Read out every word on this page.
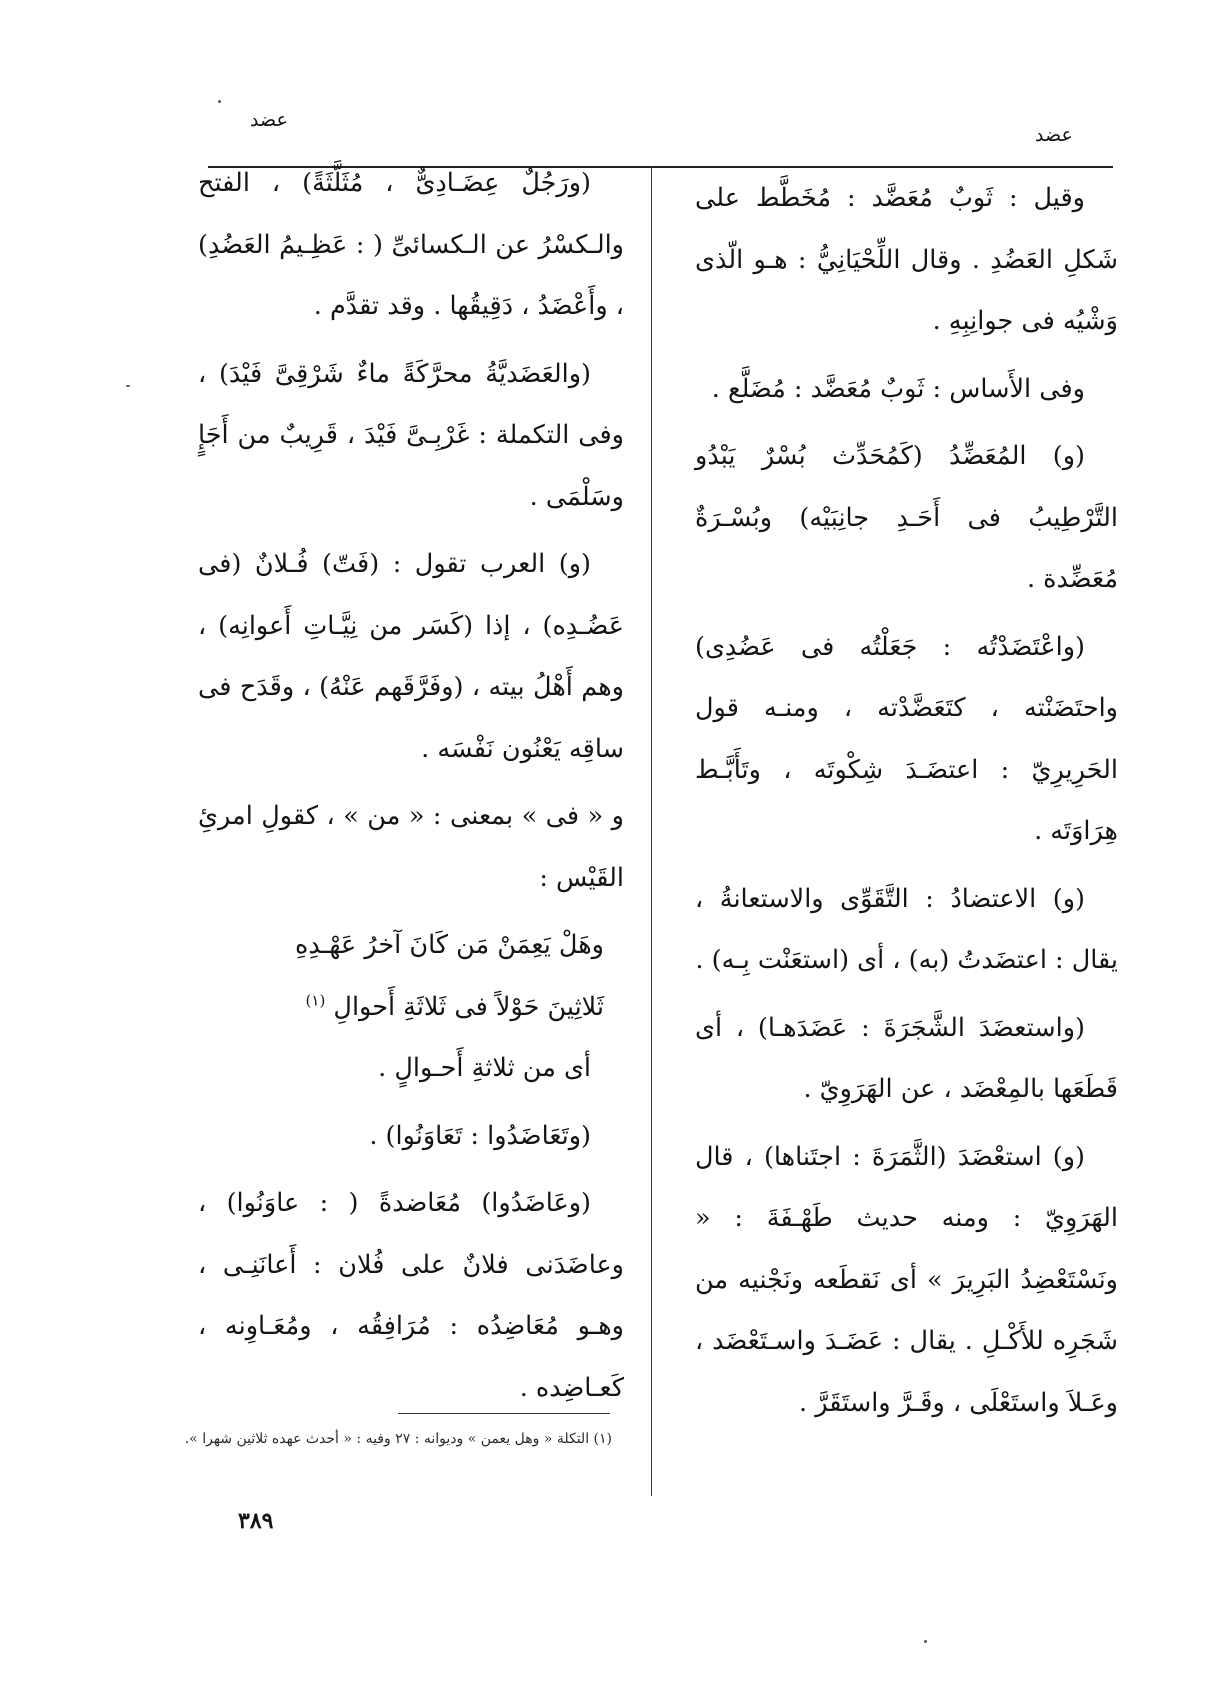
عضد
عضد

وقيل : ثَوبٌ مُعَضَّد : مُخَطَّط على شَكلِ العَضُدِ . وقال اللِّحْيَانِيُّ : هـو الّذى وَشْيُه فى جوانِبِهِ .

وفى الأَساس : ثَوبٌ مُعَضَّد : مُضَلَّع .

(و) المُعَضِّدُ (كَمُحَدِّث بُسْرٌ يَبْدُو التَّرْطِيبُ فى أَحَـدِ جانِبَيْه) وبُسْـرَةٌ مُعَضِّدة .

(واعْتَضَدْتُه : جَعَلْتُه فى عَضُدِى) واحتَضَنْته ، كتَعَضَّدْته ، ومنـه قول الحَرِيرِيّ : اعتضَـدَ شِكْوتَه ، وتَأَبَّـط هِرَاوَتَه .

(و) الاعتضادُ : التَّقَوِّى والاستعانةُ ، يقال : اعتضَدتُ (به) ، أى (استعَنْت بِـه) .

(واستعضَدَ الشَّجَرَةَ : عَضَدَهـا) ، أى قَطَعَها بالمِعْضَد ، عن الهَرَوِيّ .

(و) استعْضَدَ (الثَّمَرَةَ : اجتَناها) ، قال الهَرَوِيّ : ومنه حديث طَهْـفَةَ : « ونَسْتَعْضِدُ البَرِيرَ » أى نَقطَعه ونَجْنيه من شَجَرِه للأَكْـلِ . يقال : عَضَـدَ واسـتَعْضَد ، وعَـلاَ واستَعْلَى ، وقَـرَّ واستَقَرَّ .

(ورَجُلٌ عِضَـادِىٌّ ، مُثَلَّثَةً) ، الفتح والـكسْرُ عن الـكسائىِّ ( : عَظِـيمُ العَضُدِ) ، وأَعْضَدُ ، دَقِيقُها . وقد تقدَّم .

(والعَضَديَّةُ محرَّكَةً ماءٌ شَرْقِىَّ فَيْدَ) ، وفى التكملة : غَرْبِـىَّ فَيْدَ ، قَرِيبٌ من أَجَإٍ وسَلْمَى .

(و) العرب تقول : (فَتّ) فُـلانٌ (فى عَضُـدِه) ، إذا (كَسَر من نِيَّـاتِ أَعوانِه) ، وهم أَهْلُ بيته ، (وفَرَّقَهم عَنْهُ) ، وقَدَح فى ساقِه يَعْنُون نَفْسَه .

و « فى » بمعنى : « من » ، كقولِ امرئِ القَيْس :

وهَلْ يَعِمَنْ مَن كَانَ آخرُ عَهْـدِهِ

ثَلاثِينَ حَوْلاً فى ثَلاثَةِ أَحوالِ $^{(١)}$

أى من ثلاثةِ أَحـوالٍ .

(وتَعَاضَدُوا : تَعَاوَنُوا) .

(وعَاضَدُوا) مُعَاضدةً ( : عاوَنُوا) ، وعاضَدَنى فلانٌ على فُلان : أَعانَنِـى ، وهـو مُعَاضِدُه : مُرَافِقُه ، ومُعَـاوِنه ، كَعـاضِده .

(١) التكلة « وهل يعمن » وديوانه : ٢٧ وفيه : « أحدث عهده ثلاثين شهرا ».
٣٨٩
